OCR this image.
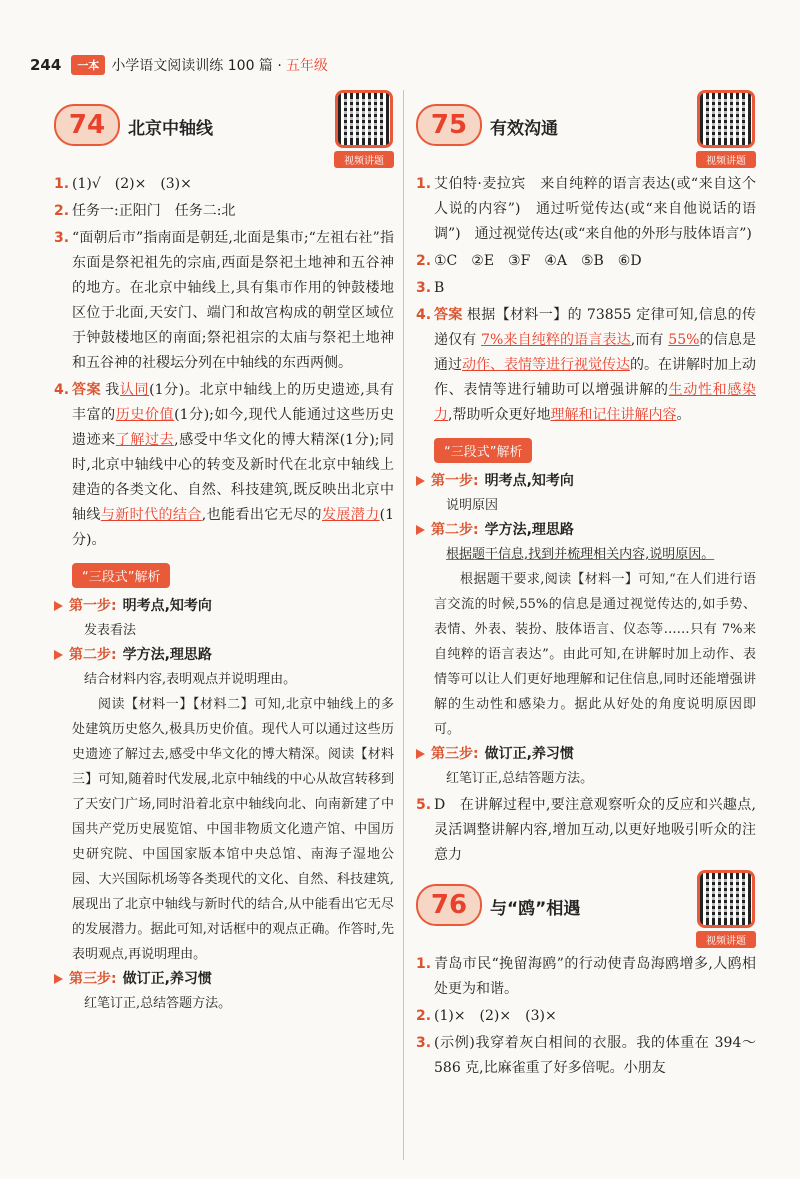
244	一本 小学语文阅读训练 100 篇 · 五年级
74	北京中轴线
视频讲题
1. (1)√　(2)×　(3)×
2. 任务一:正阳门　任务二:北
3. “面朝后市”指南面是朝廷,北面是集市;“左祖右社”指东面是祭祀祖先的宗庙,西面是祭祀土地神和五谷神的地方。在北京中轴线上,具有集市作用的钟鼓楼地区位于北面,天安门、端门和故宫构成的朝堂区域位于钟鼓楼地区的南面;祭祀祖宗的太庙与祭祀土地神和五谷神的社稷坛分列在中轴线的东西两侧。
4. 答案 我认同(1分)。北京中轴线上的历史遗迹,具有丰富的历史价值(1分);如今,现代人能通过这些历史遗迹来了解过去,感受中华文化的博大精深(1分);同时,北京中轴线中心的转变及新时代在北京中轴线上建造的各类文化、自然、科技建筑,既反映出北京中轴线与新时代的结合,也能看出它无尽的发展潜力(1分)。
“三段式”解析
第一步: 明考点,知考向
发表看法
第二步: 学方法,理思路
结合材料内容,表明观点并说明理由。
阅读【材料一】【材料二】可知,北京中轴线上的多处建筑历史悠久,极具历史价值。现代人可以通过这些历史遗迹了解过去,感受中华文化的博大精深。阅读【材料三】可知,随着时代发展,北京中轴线的中心从故宫转移到了天安门广场,同时沿着北京中轴线向北、向南新建了中国共产党历史展览馆、中国非物质文化遗产馆、中国历史研究院、中国国家版本馆中央总馆、南海子湿地公园、大兴国际机场等各类现代的文化、自然、科技建筑,展现出了北京中轴线与新时代的结合,从中能看出它无尽的发展潜力。据此可知,对话框中的观点正确。作答时,先表明观点,再说明理由。
第三步: 做订正,养习惯
红笔订正,总结答题方法。
75	有效沟通
视频讲题
1. 艾伯特·麦拉宾　来自纯粹的语言表达(或“来自这个人说的内容”)　通过听觉传达(或“来自他说话的语调”)　通过视觉传达(或“来自他的外形与肢体语言”)
2. ①C　②E　③F　④A　⑤B　⑥D
3. B
4. 答案 根据【材料一】的 73855 定律可知,信息的传递仅有 7%来自纯粹的语言表达,而有 55%的信息是通过动作、表情等进行视觉传达的。在讲解时加上动作、表情等进行辅助可以增强讲解的生动性和感染力,帮助听众更好地理解和记住讲解内容。
“三段式”解析
第一步: 明考点,知考向
说明原因
第二步: 学方法,理思路
根据题干信息,找到并梳理相关内容,说明原因。
根据题干要求,阅读【材料一】可知,“在人们进行语言交流的时候,55%的信息是通过视觉传达的,如手势、表情、外表、装扮、肢体语言、仪态等……只有 7%来自纯粹的语言表达”。由此可知,在讲解时加上动作、表情等可以让人们更好地理解和记住信息,同时还能增强讲解的生动性和感染力。据此从好处的角度说明原因即可。
第三步: 做订正,养习惯
红笔订正,总结答题方法。
5. D　在讲解过程中,要注意观察听众的反应和兴趣点,灵活调整讲解内容,增加互动,以更好地吸引听众的注意力
76	与“鸥”相遇
视频讲题
1. 青岛市民“挽留海鸥”的行动使青岛海鸥增多,人鸥相处更为和谐。
2. (1)×　(2)×　(3)×
3. (示例)我穿着灰白相间的衣服。我的体重在 394～586 克,比麻雀重了好多倍呢。小朋友
